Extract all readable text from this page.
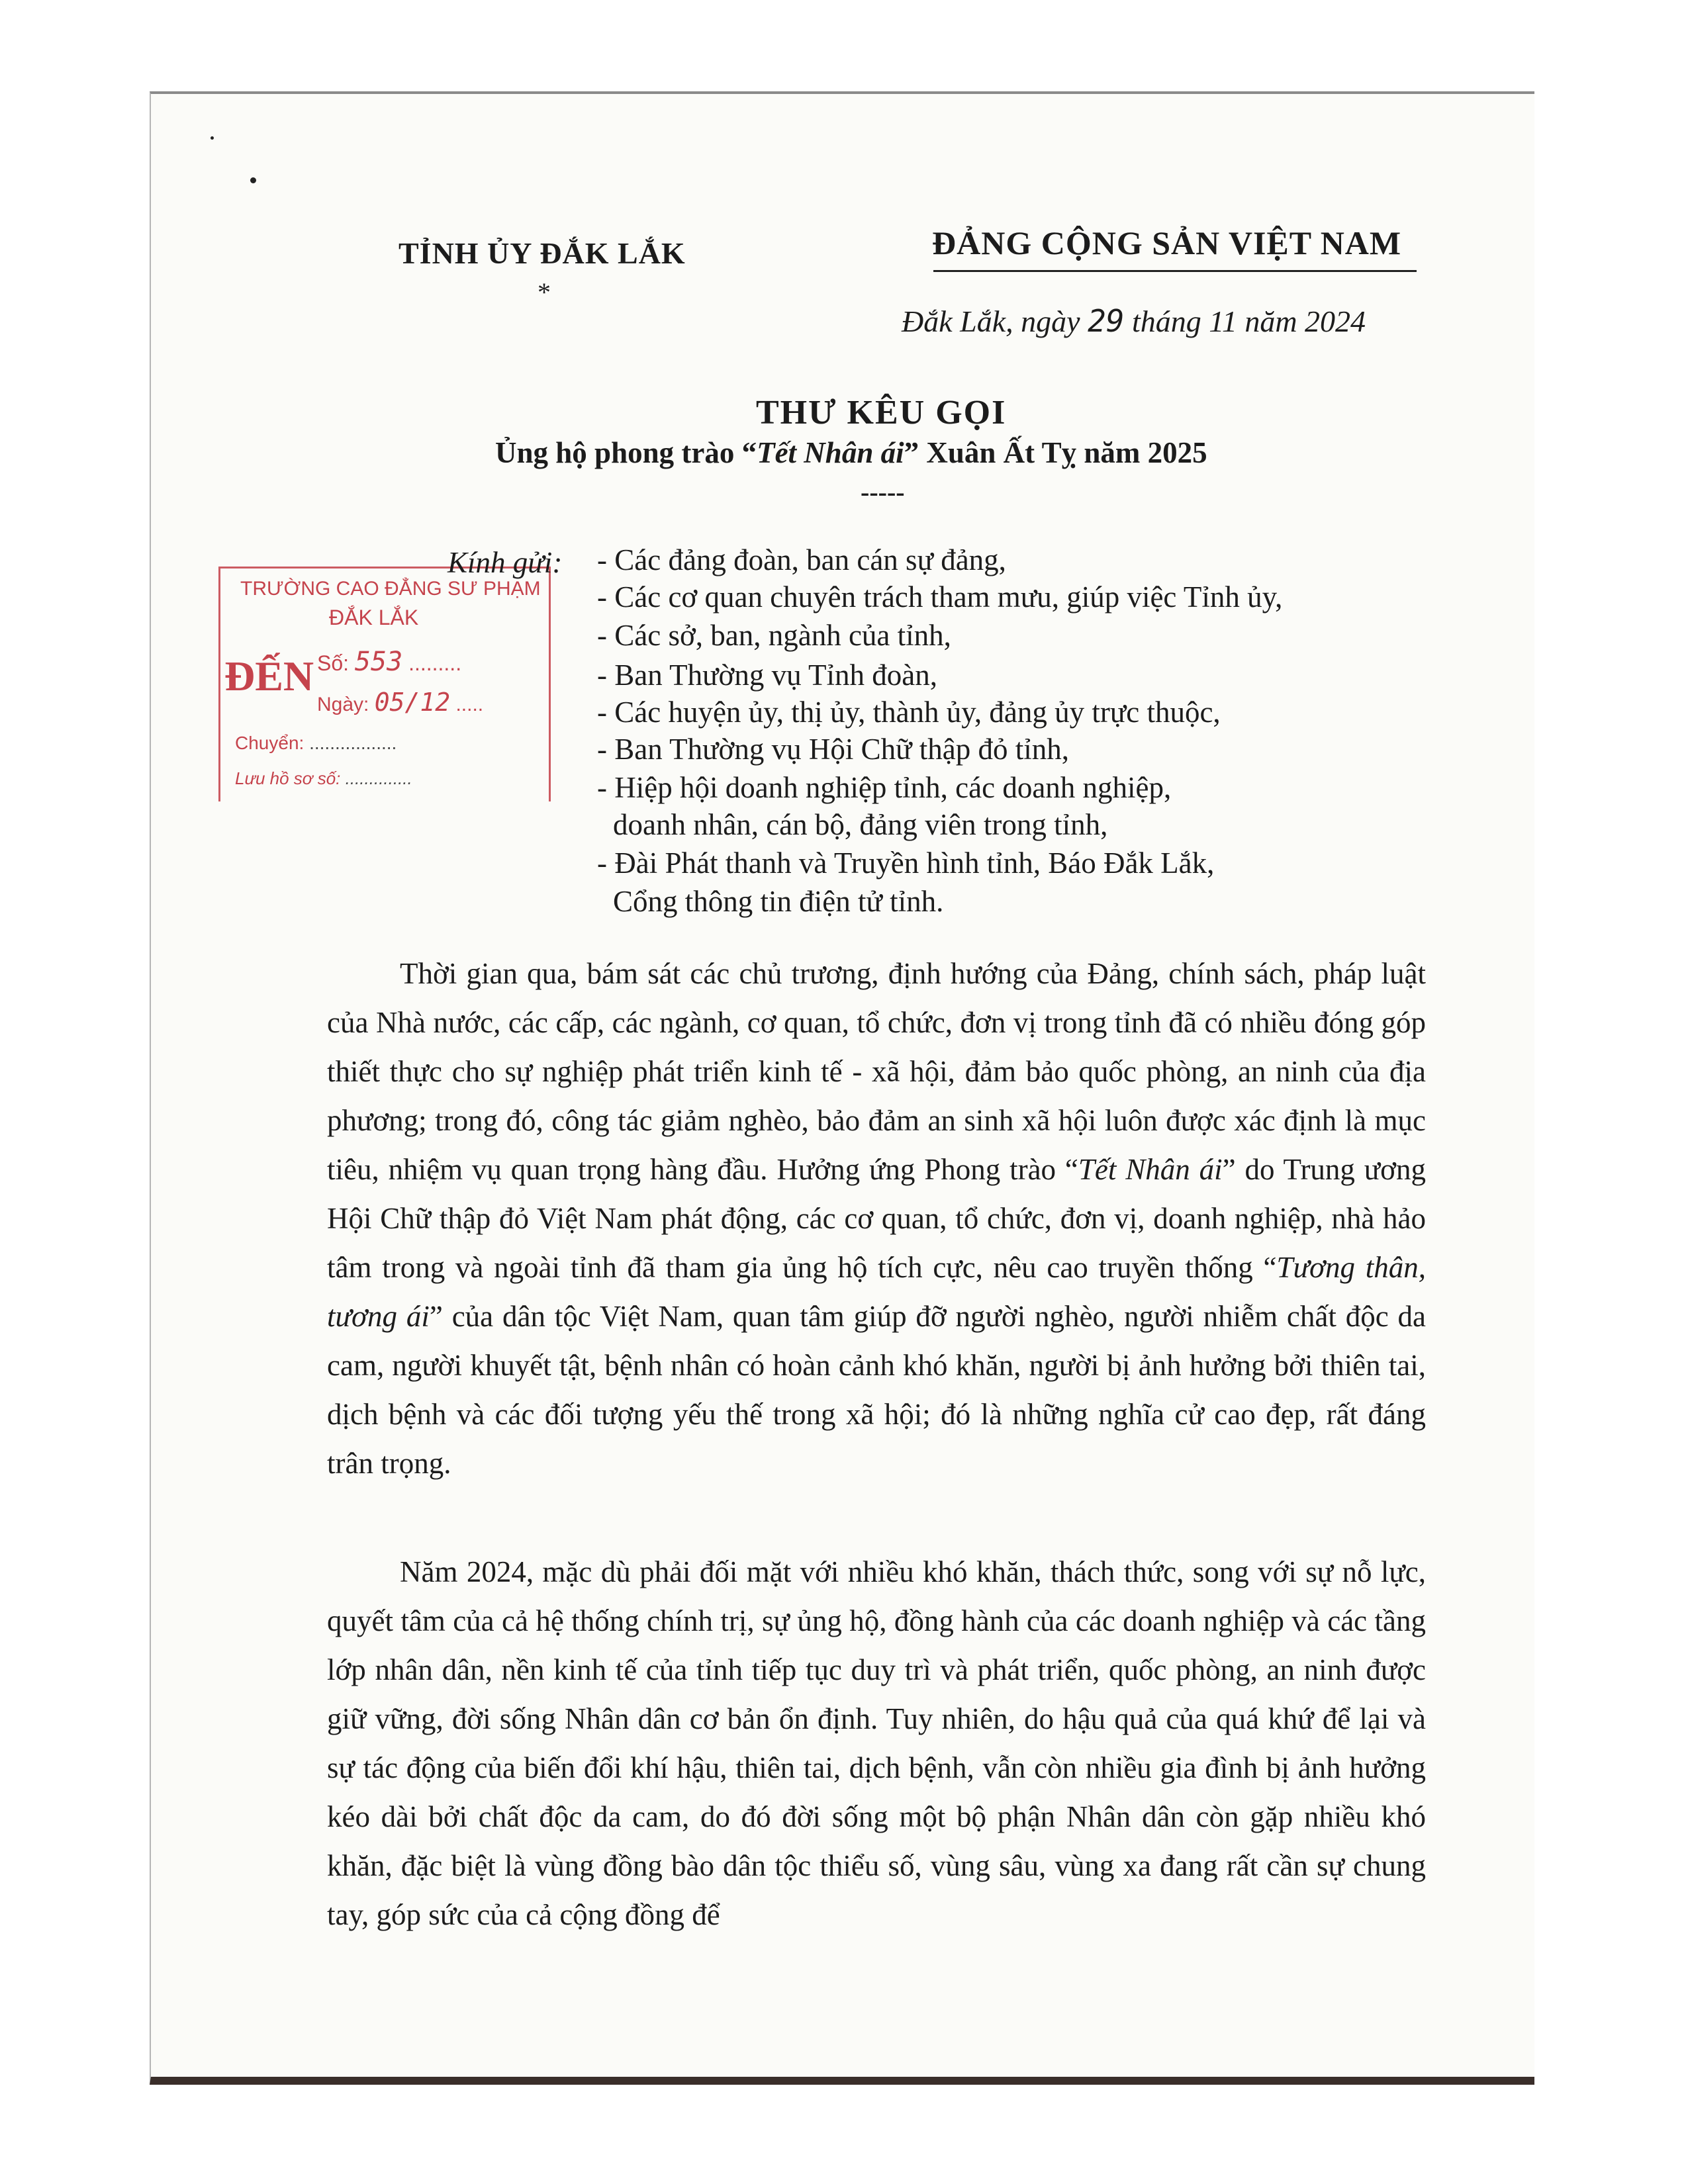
TỈNH ỦY ĐẮK LẮK
*
ĐẢNG CỘNG SẢN VIỆT NAM
Đắk Lắk, ngày 29 tháng 11 năm 2024
THƯ KÊU GỌI
Ủng hộ phong trào “Tết Nhân ái” Xuân Ất Tỵ năm 2025
-----
TRƯỜNG CAO ĐẲNG SƯ PHẠM
ĐẮK LẮK
ĐẾN Số: 553 .........
Ngày: 05/12 .....
Chuyển: .................
Lưu hồ sơ số: ..............
Kính gửi: - Các đảng đoàn, ban cán sự đảng,
- Các cơ quan chuyên trách tham mưu, giúp việc Tỉnh ủy,
- Các sở, ban, ngành của tỉnh,
- Ban Thường vụ Tỉnh đoàn,
- Các huyện ủy, thị ủy, thành ủy, đảng ủy trực thuộc,
- Ban Thường vụ Hội Chữ thập đỏ tỉnh,
- Hiệp hội doanh nghiệp tỉnh, các doanh nghiệp,
doanh nhân, cán bộ, đảng viên trong tỉnh,
- Đài Phát thanh và Truyền hình tỉnh, Báo Đắk Lắk,
Cổng thông tin điện tử tỉnh.
Thời gian qua, bám sát các chủ trương, định hướng của Đảng, chính sách, pháp luật của Nhà nước, các cấp, các ngành, cơ quan, tổ chức, đơn vị trong tỉnh đã có nhiều đóng góp thiết thực cho sự nghiệp phát triển kinh tế - xã hội, đảm bảo quốc phòng, an ninh của địa phương; trong đó, công tác giảm nghèo, bảo đảm an sinh xã hội luôn được xác định là mục tiêu, nhiệm vụ quan trọng hàng đầu. Hưởng ứng Phong trào “Tết Nhân ái” do Trung ương Hội Chữ thập đỏ Việt Nam phát động, các cơ quan, tổ chức, đơn vị, doanh nghiệp, nhà hảo tâm trong và ngoài tỉnh đã tham gia ủng hộ tích cực, nêu cao truyền thống “Tương thân, tương ái” của dân tộc Việt Nam, quan tâm giúp đỡ người nghèo, người nhiễm chất độc da cam, người khuyết tật, bệnh nhân có hoàn cảnh khó khăn, người bị ảnh hưởng bởi thiên tai, dịch bệnh và các đối tượng yếu thế trong xã hội; đó là những nghĩa cử cao đẹp, rất đáng trân trọng.
Năm 2024, mặc dù phải đối mặt với nhiều khó khăn, thách thức, song với sự nỗ lực, quyết tâm của cả hệ thống chính trị, sự ủng hộ, đồng hành của các doanh nghiệp và các tầng lớp nhân dân, nền kinh tế của tỉnh tiếp tục duy trì và phát triển, quốc phòng, an ninh được giữ vững, đời sống Nhân dân cơ bản ổn định. Tuy nhiên, do hậu quả của quá khứ để lại và sự tác động của biến đổi khí hậu, thiên tai, dịch bệnh, vẫn còn nhiều gia đình bị ảnh hưởng kéo dài bởi chất độc da cam, do đó đời sống một bộ phận Nhân dân còn gặp nhiều khó khăn, đặc biệt là vùng đồng bào dân tộc thiểu số, vùng sâu, vùng xa đang rất cần sự chung tay, góp sức của cả cộng đồng để
